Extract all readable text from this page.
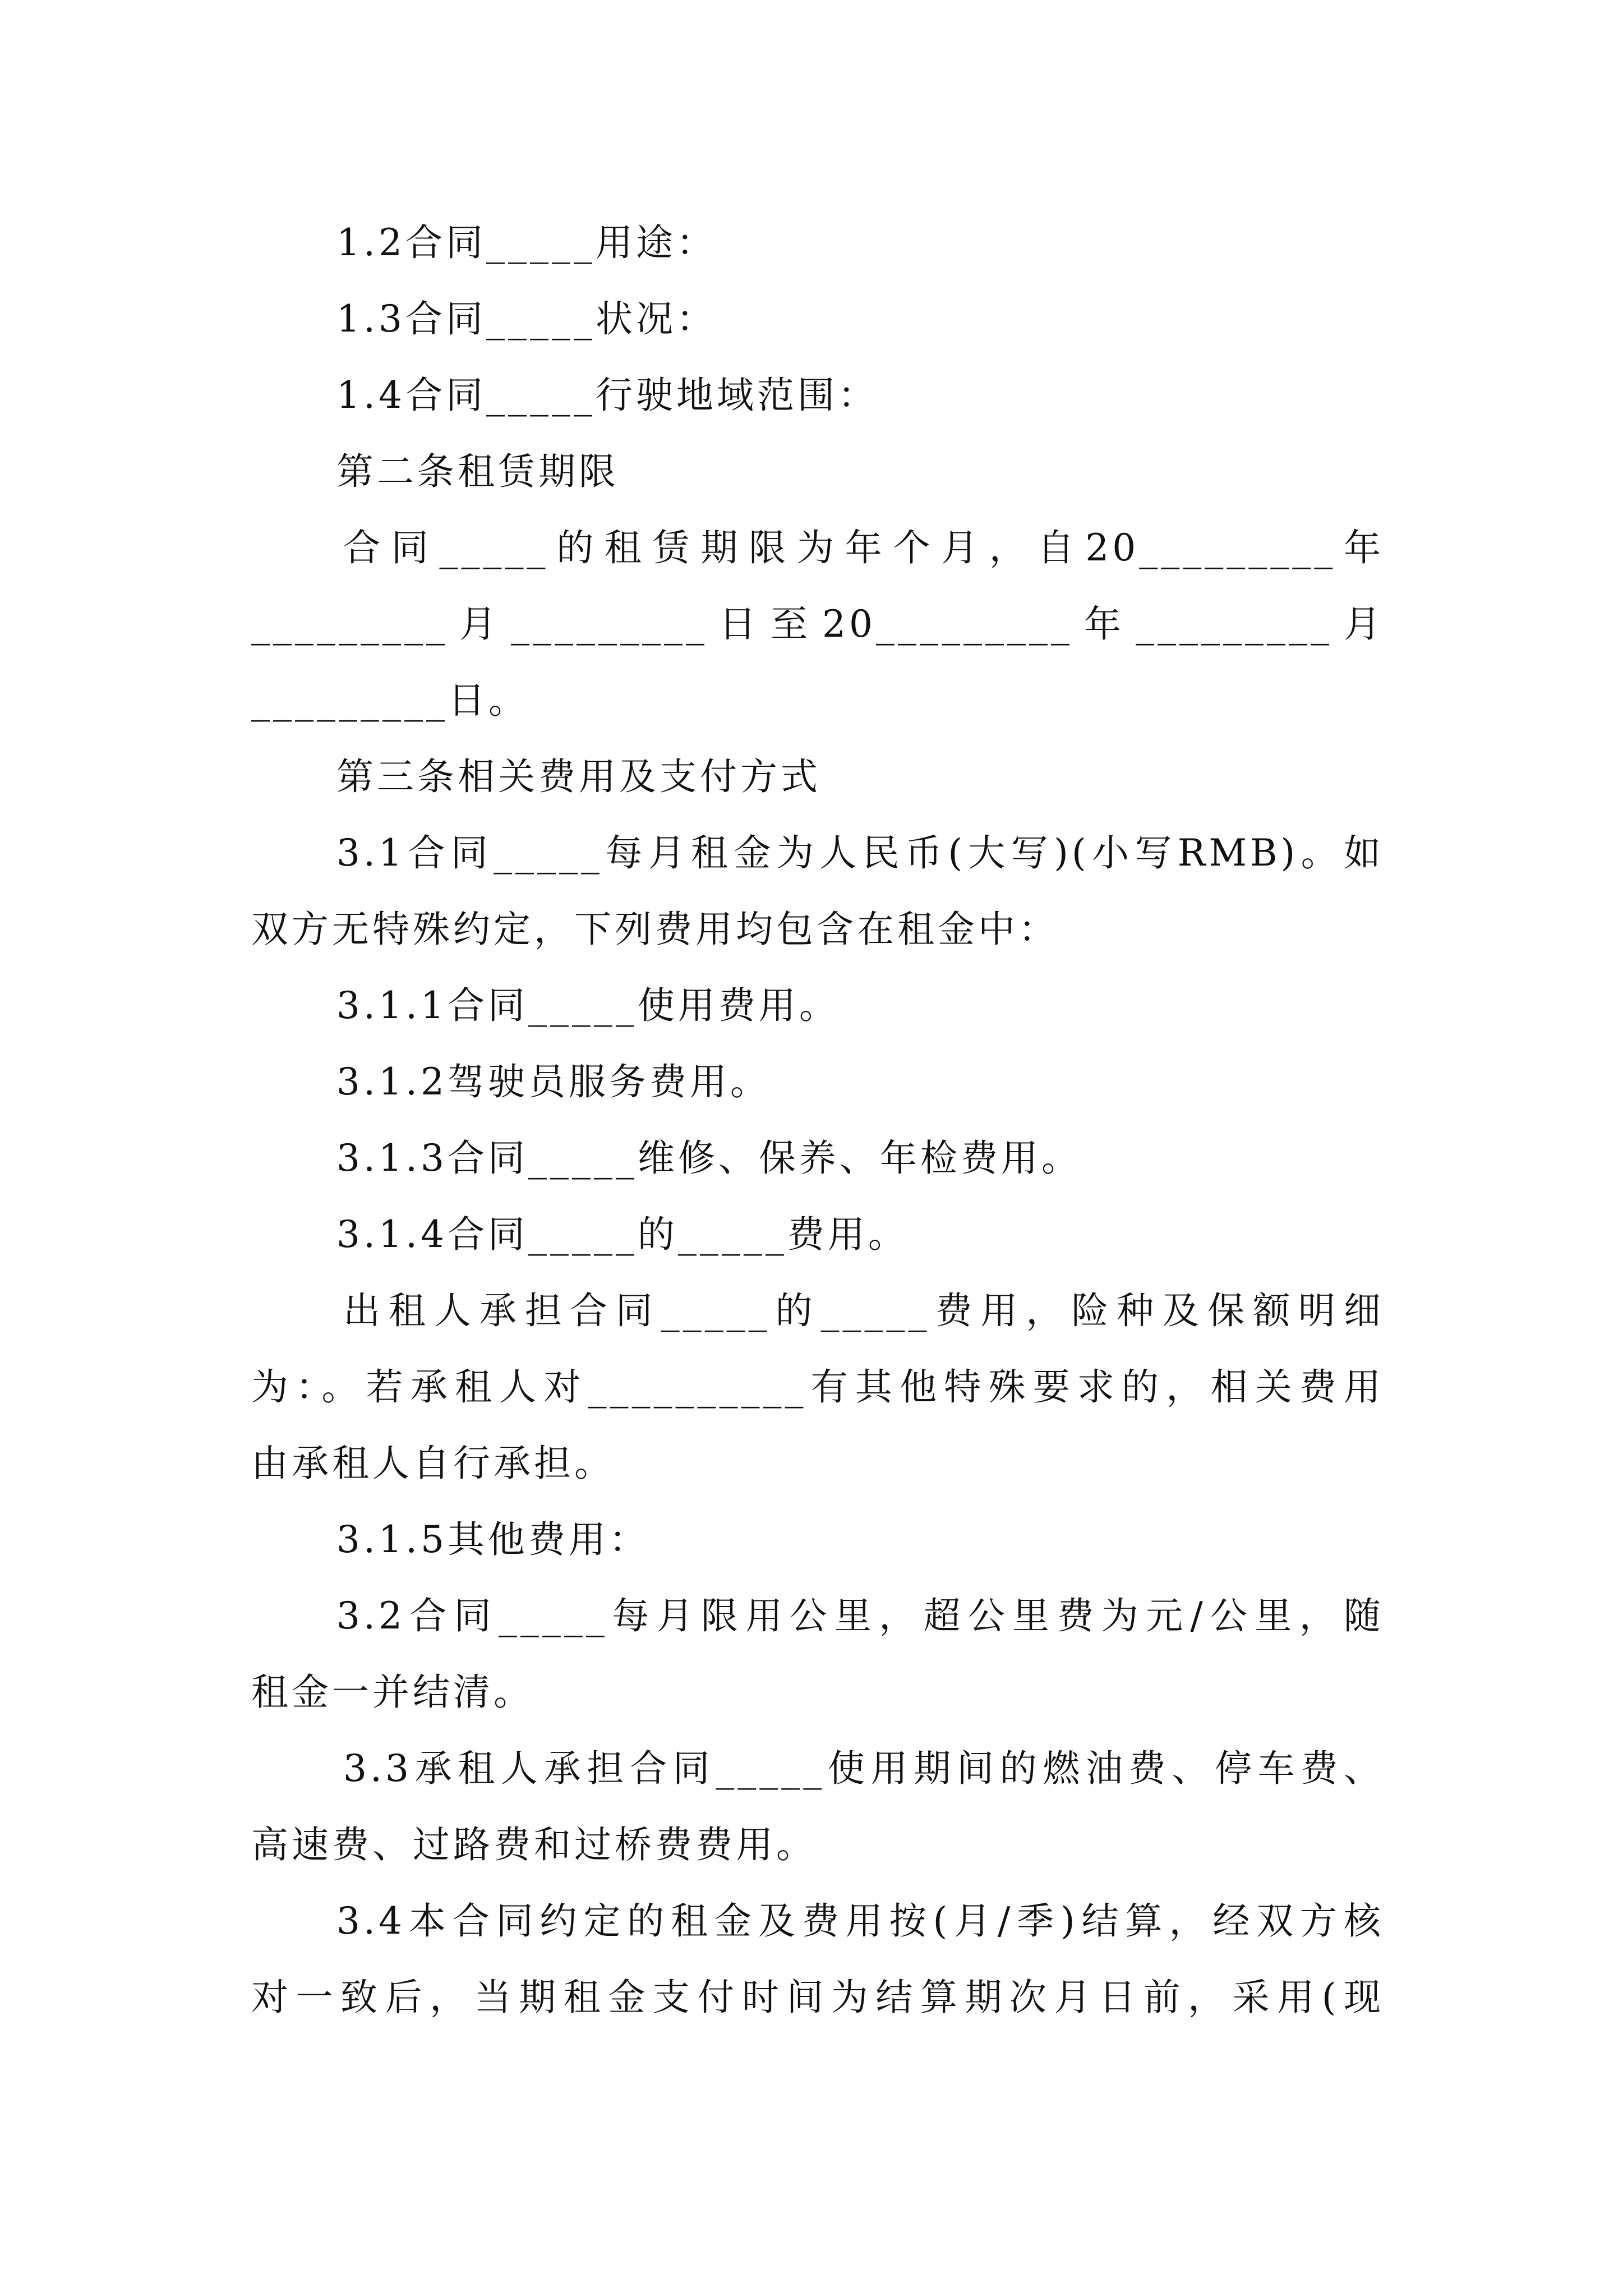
1.2合同_____用途：

1.3合同_____状况：

1.4合同_____行驶地域范围：

第二条租赁期限

合同_____的租赁期限为年个月，自20_________年

_________月_________日至20_________年_________月

_________日。

第三条相关费用及支付方式

3.1合同_____每月租金为人民币(大写)(小写RMB)。如

双方无特殊约定，下列费用均包含在租金中：

3.1.1合同_____使用费用。

3.1.2驾驶员服务费用。

3.1.3合同_____维修、保养、年检费用。

3.1.4合同_____的_____费用。

出租人承担合同_____的_____费用，险种及保额明细

为：。若承租人对__________有其他特殊要求的，相关费用

由承租人自行承担。

3.1.5其他费用：

3.2合同_____每月限用公里，超公里费为元/公里，随

租金一并结清。

3.3承租人承担合同_____使用期间的燃油费、停车费、

高速费、过路费和过桥费费用。

3.4本合同约定的租金及费用按(月/季)结算，经双方核

对一致后，当期租金支付时间为结算期次月日前，采用(现
